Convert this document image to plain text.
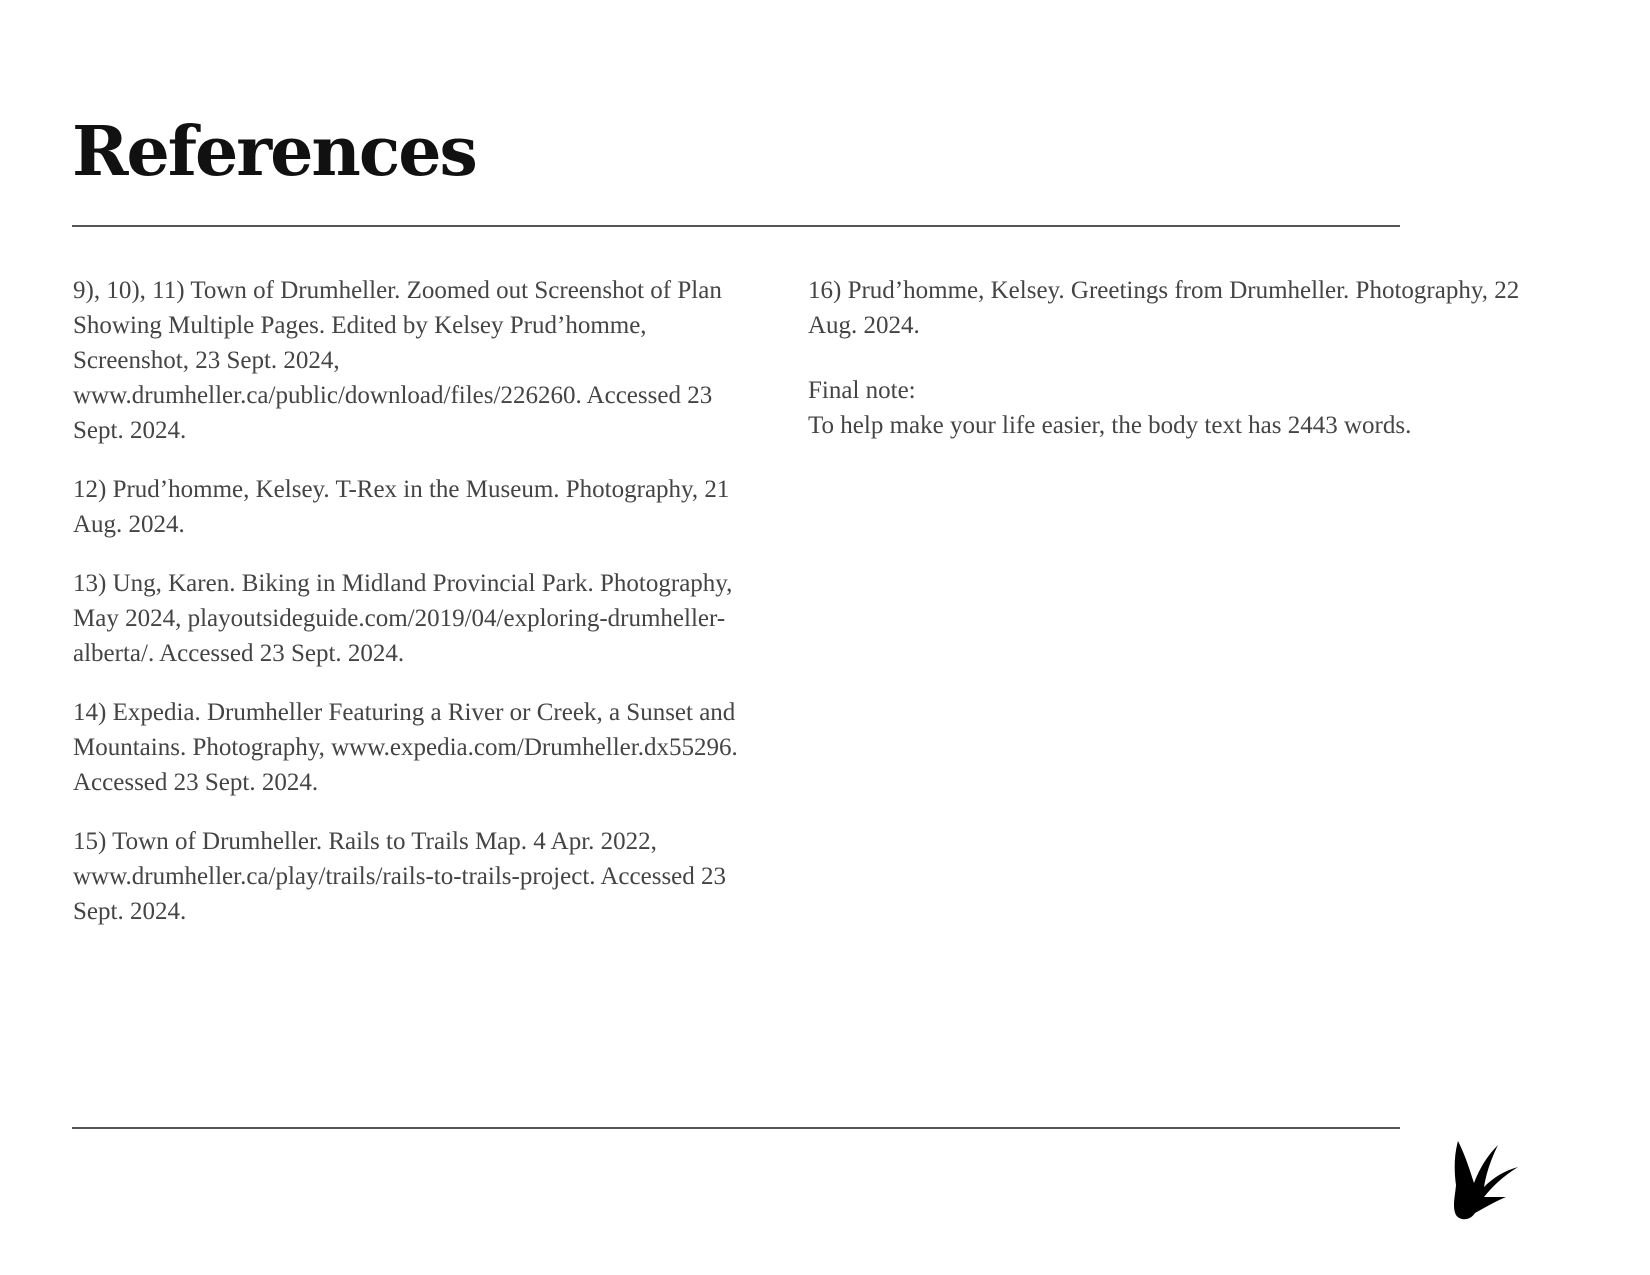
References

9), 10), 11) Town of Drumheller. Zoomed out Screenshot of Plan Showing Multiple Pages. Edited by Kelsey Prud’homme, Screenshot, 23 Sept. 2024, www.drumheller.ca/public/download/files/226260. Accessed 23 Sept. 2024.

12) Prud’homme, Kelsey. T-Rex in the Museum. Photography, 21 Aug. 2024.

13) Ung, Karen. Biking in Midland Provincial Park. Photography, May 2024, playoutsideguide.com/2019/04/exploring-drumheller-alberta/. Accessed 23 Sept. 2024.

14) Expedia. Drumheller Featuring a River or Creek, a Sunset and Mountains. Photography, www.expedia.com/Drumheller.dx55296. Accessed 23 Sept. 2024.

15) Town of Drumheller. Rails to Trails Map. 4 Apr. 2022, www.drumheller.ca/play/trails/rails-to-trails-project. Accessed 23 Sept. 2024.

16) Prud’homme, Kelsey. Greetings from Drumheller. Photography, 22 Aug. 2024.

Final note:

To help make your life easier, the body text has 2443 words.
